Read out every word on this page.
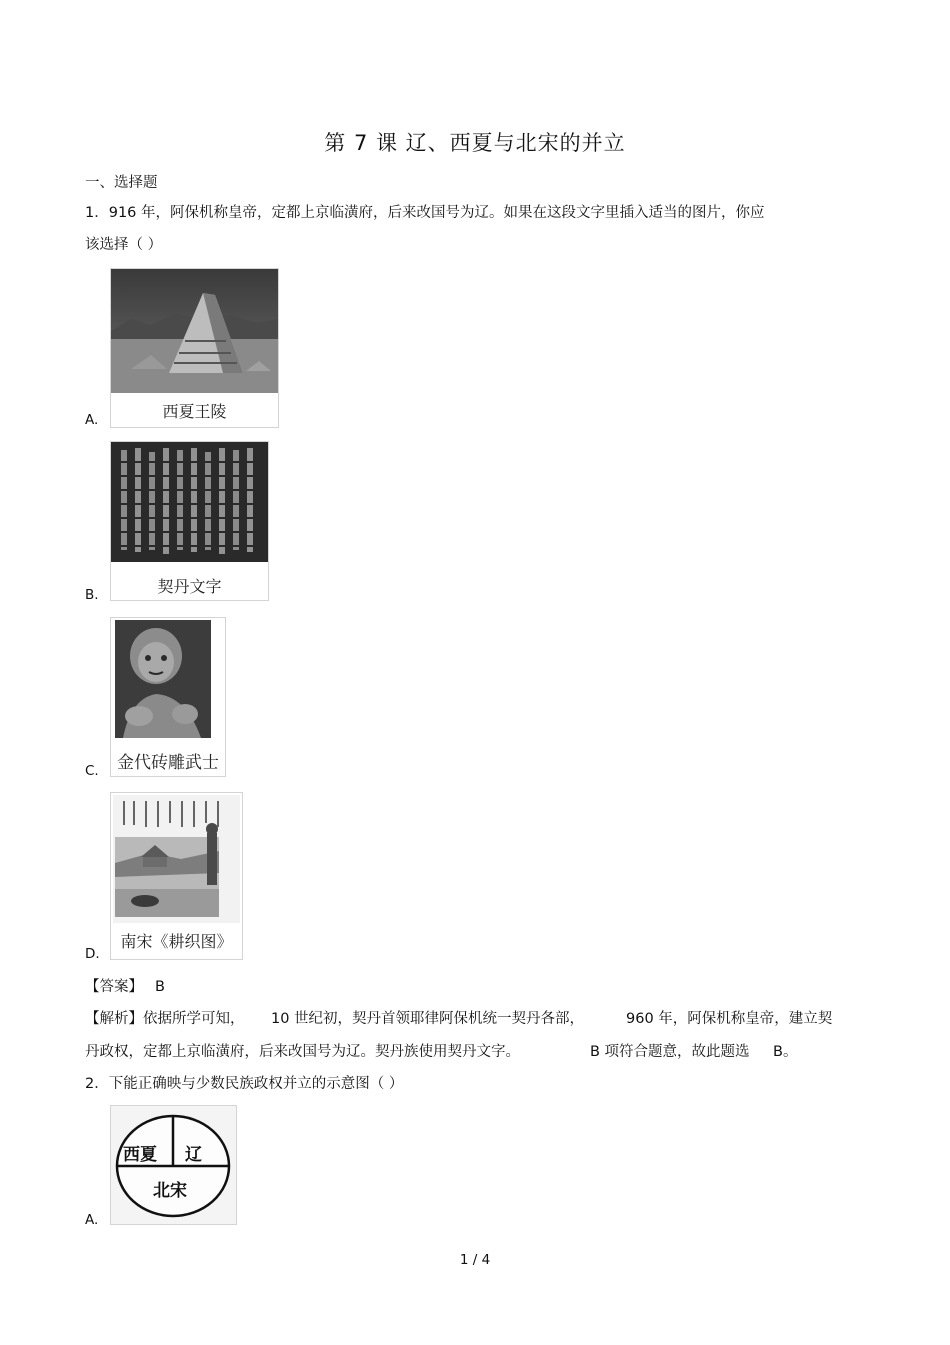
第 7 课 辽、西夏与北宋的并立
一、选择题
1．916 年，阿保机称皇帝，定都上京临潢府，后来改国号为辽。如果在这段文字里插入适当的图片，你应
该选择（ ）
A.	西夏王陵
B.	契丹文字
C.	金代砖雕武士
D.
南宋《耕织图》
【答案】 B
【解析】依据所学可知， 10 世纪初，契丹首领耶律阿保机统一契丹各部，	960 年，阿保机称皇帝，建立契
丹政权，定都上京临潢府，后来改国号为辽。契丹族使用契丹文字。	B 项符合题意，故此题选 B。
2．下能正确映与少数民族政权并立的示意图（ ）
A.
西夏 辽
北宋
1 / 4
